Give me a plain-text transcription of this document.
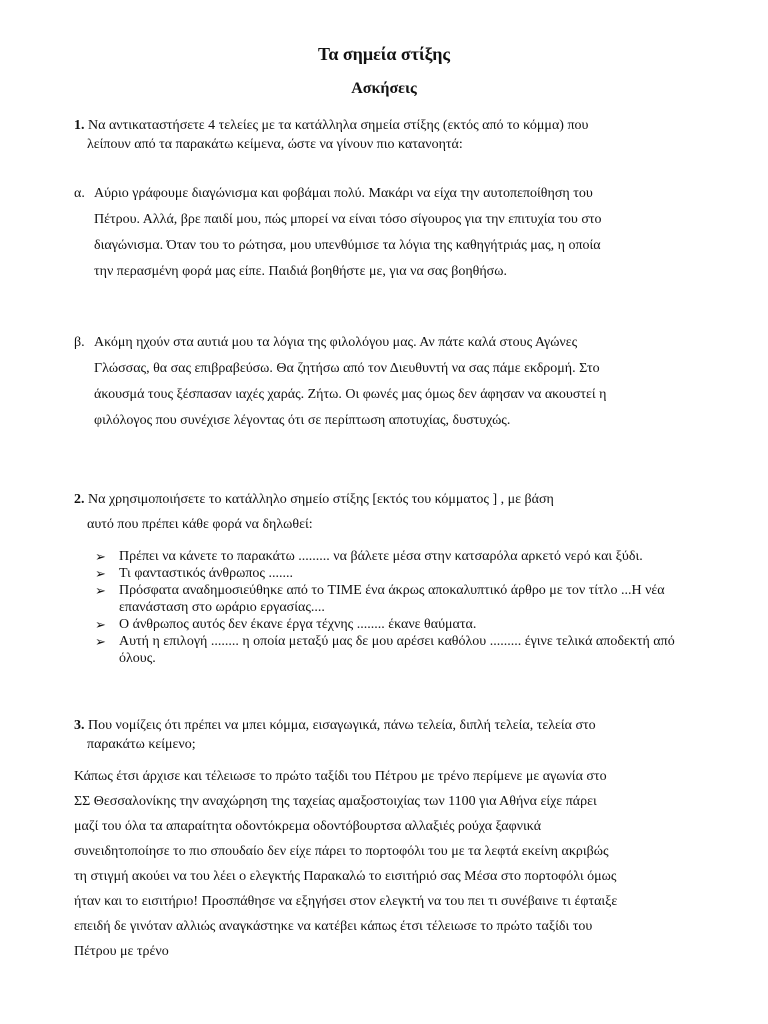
Τα σημεία στίξης
Ασκήσεις
1. Να αντικαταστήσετε 4 τελείες με τα κατάλληλα σημεία στίξης (εκτός από το κόμμα) που
λείπουν από τα παρακάτω κείμενα, ώστε να γίνουν πιο κατανοητά:
α. Αύριο γράφουμε διαγώνισμα και φοβάμαι πολύ. Μακάρι να είχα την αυτοπεποίθηση του
Πέτρου. Αλλά, βρε παιδί μου, πώς μπορεί να είναι τόσο σίγουρος για την επιτυχία του στο
διαγώνισμα. Όταν του το ρώτησα, μου υπενθύμισε τα λόγια της καθηγήτριάς μας, η οποία
την περασμένη φορά μας είπε. Παιδιά βοηθήστε με, για να σας βοηθήσω.
β. Ακόμη ηχούν στα αυτιά μου τα λόγια της φιλολόγου μας. Αν πάτε καλά στους Αγώνες
Γλώσσας, θα σας επιβραβεύσω. Θα ζητήσω από τον Διευθυντή να σας πάμε εκδρομή. Στο
άκουσμά τους ξέσπασαν ιαχές χαράς. Ζήτω. Οι φωνές μας όμως δεν άφησαν να ακουστεί η
φιλόλογος που συνέχισε λέγοντας ότι σε περίπτωση αποτυχίας, δυστυχώς.
2. Να χρησιμοποιήσετε το κατάλληλο σημείο στίξης [εκτός του κόμματος ] , με βάση
αυτό που πρέπει κάθε φορά να δηλωθεί:
➢ Πρέπει να κάνετε το παρακάτω ......... να βάλετε μέσα στην κατσαρόλα αρκετό νερό και ξύδι.
➢ Τι φανταστικός άνθρωπος .......
➢ Πρόσφατα αναδημοσιεύθηκε από το TIME ένα άκρως αποκαλυπτικό άρθρο με τον τίτλο ...Η νέα επανάσταση στο ωράριο εργασίας....
➢ Ο άνθρωπος αυτός δεν έκανε έργα τέχνης ........ έκανε θαύματα.
➢ Αυτή η επιλογή ........ η οποία μεταξύ μας δε μου αρέσει καθόλου ......... έγινε τελικά αποδεκτή από όλους.
3. Που νομίζεις ότι πρέπει να μπει κόμμα, εισαγωγικά, πάνω τελεία, διπλή τελεία, τελεία στο
παρακάτω κείμενο;
Κάπως έτσι άρχισε και τέλειωσε το πρώτο ταξίδι του Πέτρου με τρένο περίμενε με αγωνία στο
ΣΣ Θεσσαλονίκης την αναχώρηση της ταχείας αμαξοστοιχίας των 1100 για Αθήνα είχε πάρει
μαζί του όλα τα απαραίτητα οδοντόκρεμα οδοντόβουρτσα αλλαξιές ρούχα ξαφνικά
συνειδητοποίησε το πιο σπουδαίο δεν είχε πάρει το πορτοφόλι του με τα λεφτά εκείνη ακριβώς
τη στιγμή ακούει να του λέει ο ελεγκτής Παρακαλώ το εισιτήριό σας Μέσα στο πορτοφόλι όμως
ήταν και το εισιτήριο! Προσπάθησε να εξηγήσει στον ελεγκτή να του πει τι συνέβαινε τι έφταιξε
επειδή δε γινόταν αλλιώς αναγκάστηκε να κατέβει κάπως έτσι τέλειωσε το πρώτο ταξίδι του
Πέτρου με τρένο
